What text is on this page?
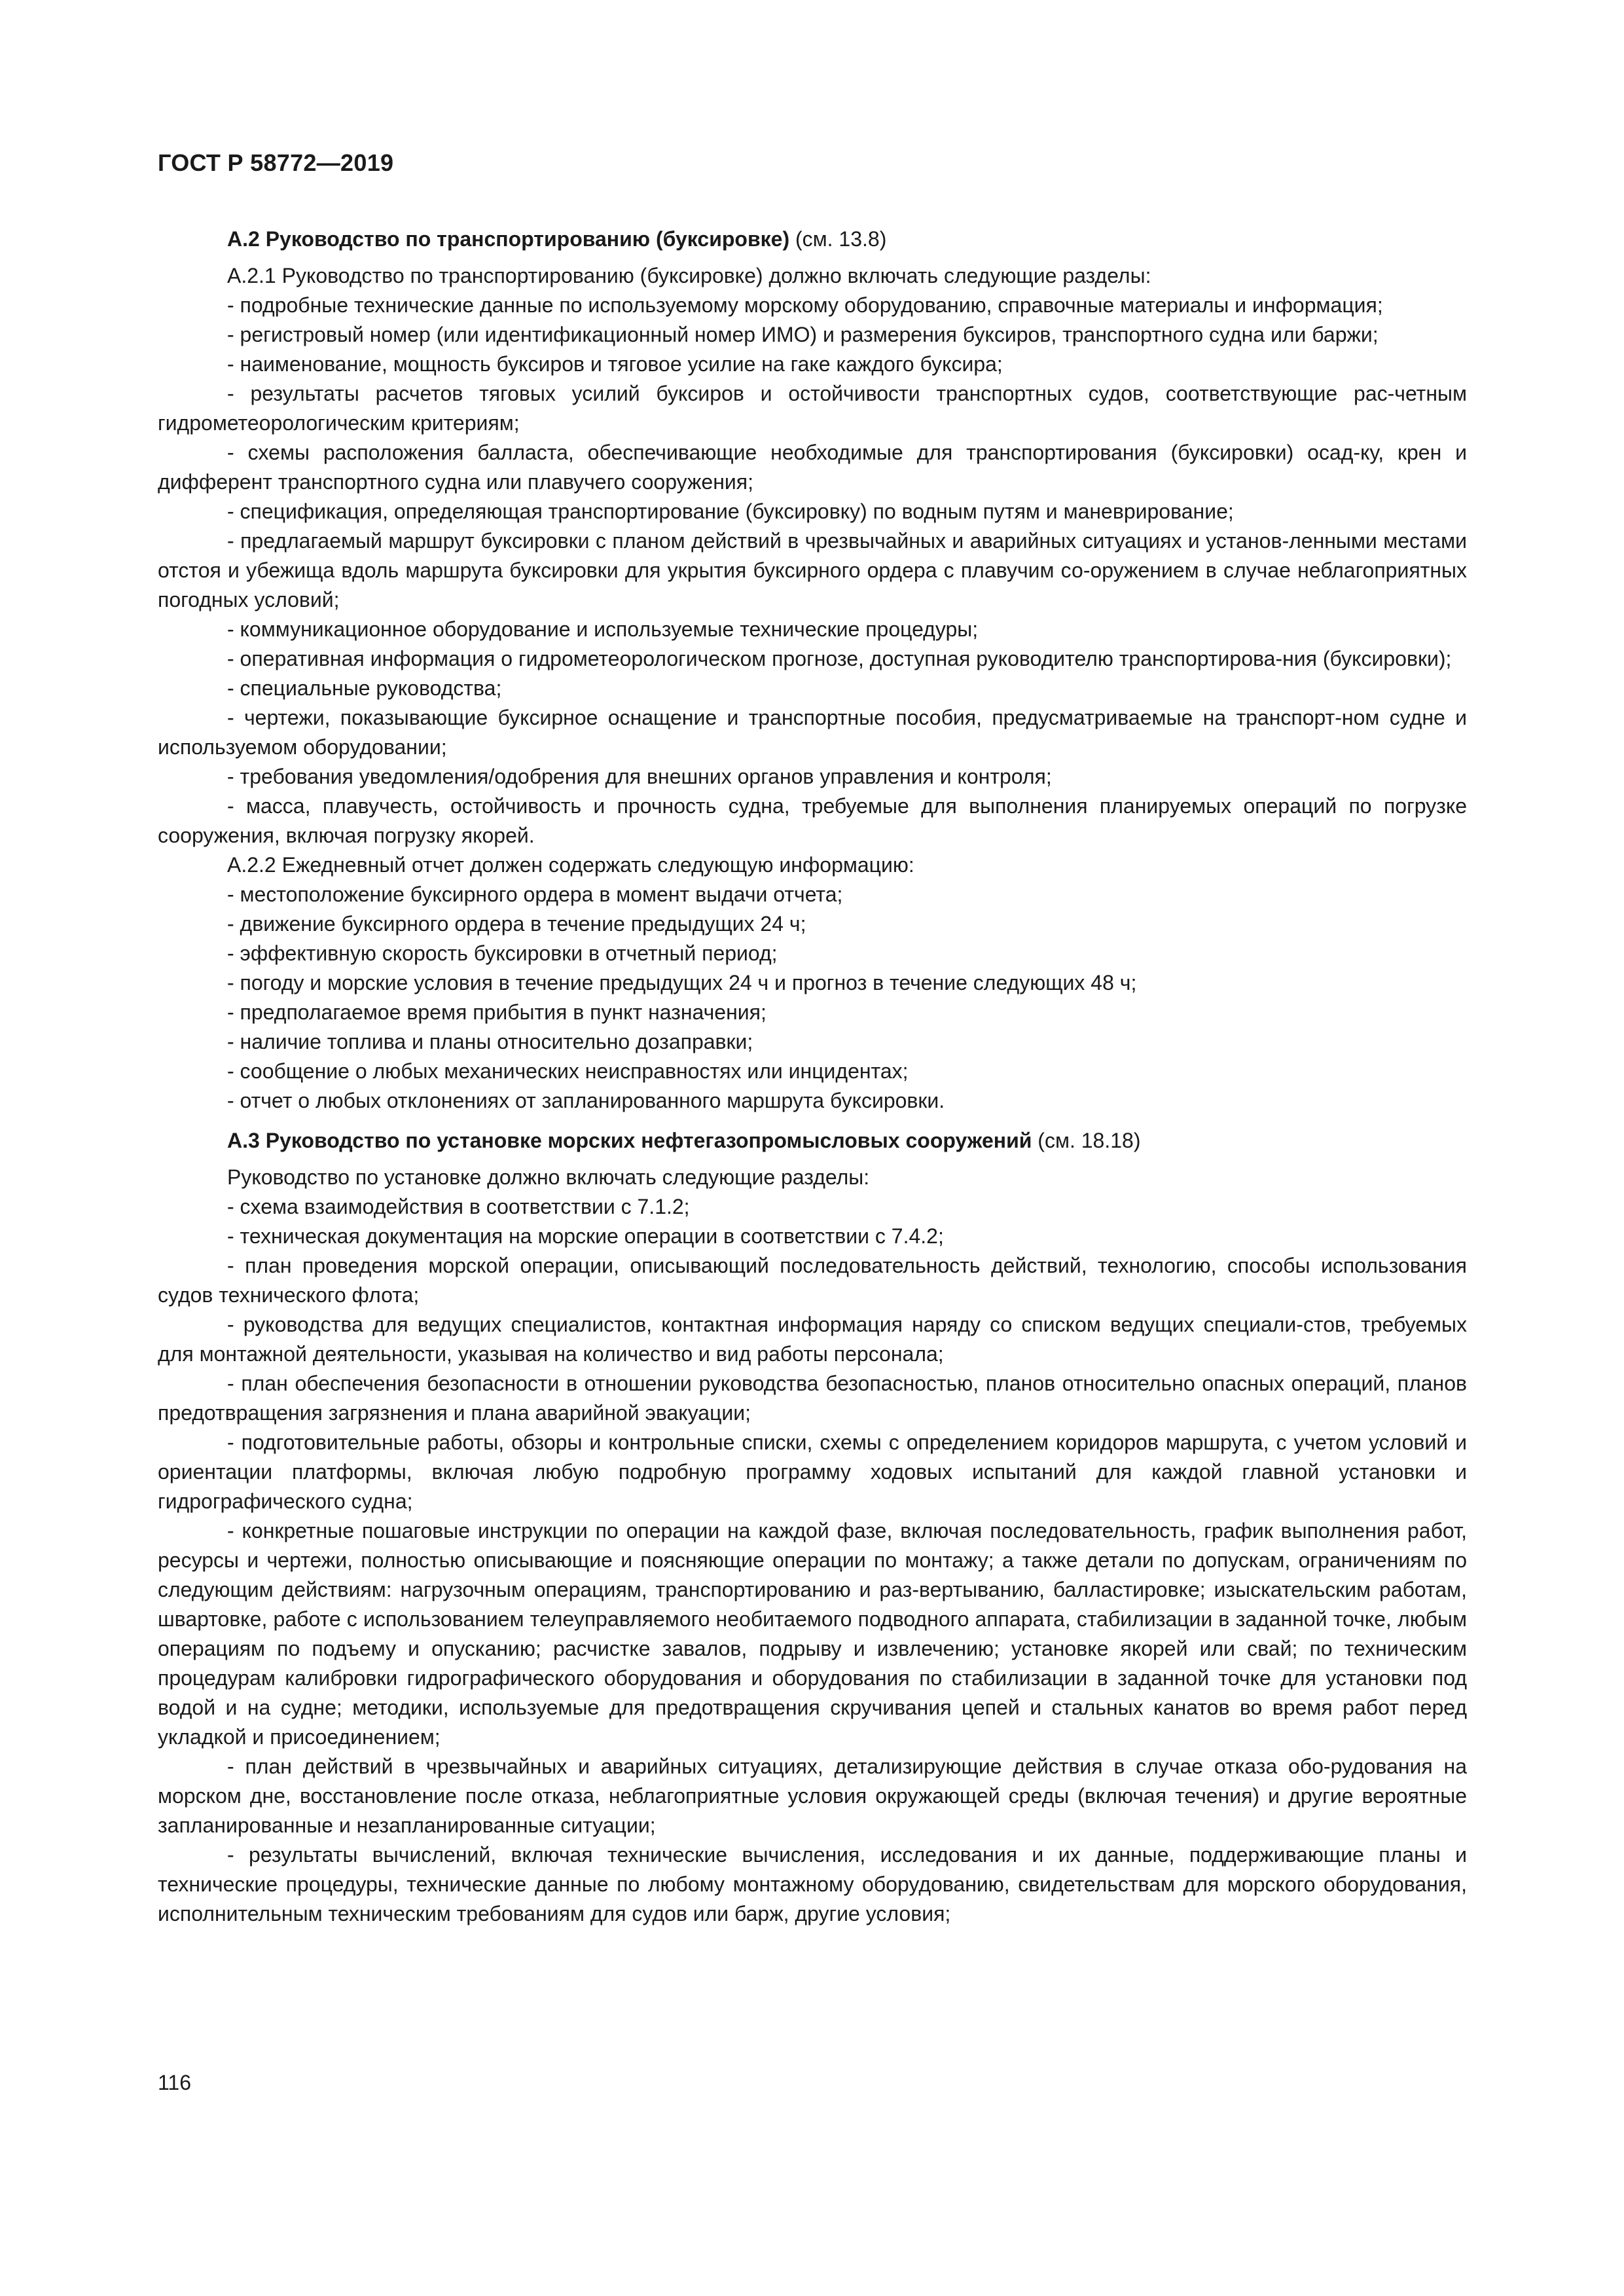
ГОСТ Р 58772—2019

А.2 Руководство по транспортированию (буксировке) (см. 13.8)

А.2.1 Руководство по транспортированию (буксировке) должно включать следующие разделы:

- подробные технические данные по используемому морскому оборудованию, справочные материалы и информация;

- регистровый номер (или идентификационный номер ИМО) и размерения буксиров, транспортного судна или баржи;

- наименование, мощность буксиров и тяговое усилие на гаке каждого буксира;

- результаты расчетов тяговых усилий буксиров и остойчивости транспортных судов, соответствующие рас-четным гидрометеорологическим критериям;

- схемы расположения балласта, обеспечивающие необходимые для транспортирования (буксировки) осад-ку, крен и дифферент транспортного судна или плавучего сооружения;

- спецификация, определяющая транспортирование (буксировку) по водным путям и маневрирование;

- предлагаемый маршрут буксировки с планом действий в чрезвычайных и аварийных ситуациях и установ-ленными местами отстоя и убежища вдоль маршрута буксировки для укрытия буксирного ордера с плавучим со-оружением в случае неблагоприятных погодных условий;

- коммуникационное оборудование и используемые технические процедуры;

- оперативная информация о гидрометеорологическом прогнозе, доступная руководителю транспортирова-ния (буксировки);

- специальные руководства;

- чертежи, показывающие буксирное оснащение и транспортные пособия, предусматриваемые на транспорт-ном судне и используемом оборудовании;

- требования уведомления/одобрения для внешних органов управления и контроля;

- масса, плавучесть, остойчивость и прочность судна, требуемые для выполнения планируемых операций по погрузке сооружения, включая погрузку якорей.

А.2.2 Ежедневный отчет должен содержать следующую информацию:

- местоположение буксирного ордера в момент выдачи отчета;

- движение буксирного ордера в течение предыдущих 24 ч;

- эффективную скорость буксировки в отчетный период;

- погоду и морские условия в течение предыдущих 24 ч и прогноз в течение следующих 48 ч;

- предполагаемое время прибытия в пункт назначения;

- наличие топлива и планы относительно дозаправки;

- сообщение о любых механических неисправностях или инцидентах;

- отчет о любых отклонениях от запланированного маршрута буксировки.

А.3 Руководство по установке морских нефтегазопромысловых сооружений (см. 18.18)

Руководство по установке должно включать следующие разделы:

- схема взаимодействия в соответствии с 7.1.2;

- техническая документация на морские операции в соответствии с 7.4.2;

- план проведения морской операции, описывающий последовательность действий, технологию, способы использования судов технического флота;

- руководства для ведущих специалистов, контактная информация наряду со списком ведущих специали-стов, требуемых для монтажной деятельности, указывая на количество и вид работы персонала;

- план обеспечения безопасности в отношении руководства безопасностью, планов относительно опасных операций, планов предотвращения загрязнения и плана аварийной эвакуации;

- подготовительные работы, обзоры и контрольные списки, схемы с определением коридоров маршрута, с учетом условий и ориентации платформы, включая любую подробную программу ходовых испытаний для каждой главной установки и гидрографического судна;

- конкретные пошаговые инструкции по операции на каждой фазе, включая последовательность, график выполнения работ, ресурсы и чертежи, полностью описывающие и поясняющие операции по монтажу; а также детали по допускам, ограничениям по следующим действиям: нагрузочным операциям, транспортированию и раз-вертыванию, балластировке; изыскательским работам, швартовке, работе с использованием телеуправляемого необитаемого подводного аппарата, стабилизации в заданной точке, любым операциям по подъему и опусканию; расчистке завалов, подрыву и извлечению; установке якорей или свай; по техническим процедурам калибровки гидрографического оборудования и оборудования по стабилизации в заданной точке для установки под водой и на судне; методики, используемые для предотвращения скручивания цепей и стальных канатов во время работ перед укладкой и присоединением;

- план действий в чрезвычайных и аварийных ситуациях, детализирующие действия в случае отказа обо-рудования на морском дне, восстановление после отказа, неблагоприятные условия окружающей среды (включая течения) и другие вероятные запланированные и незапланированные ситуации;

- результаты вычислений, включая технические вычисления, исследования и их данные, поддерживающие планы и технические процедуры, технические данные по любому монтажному оборудованию, свидетельствам для морского оборудования, исполнительным техническим требованиям для судов или барж, другие условия;

116
